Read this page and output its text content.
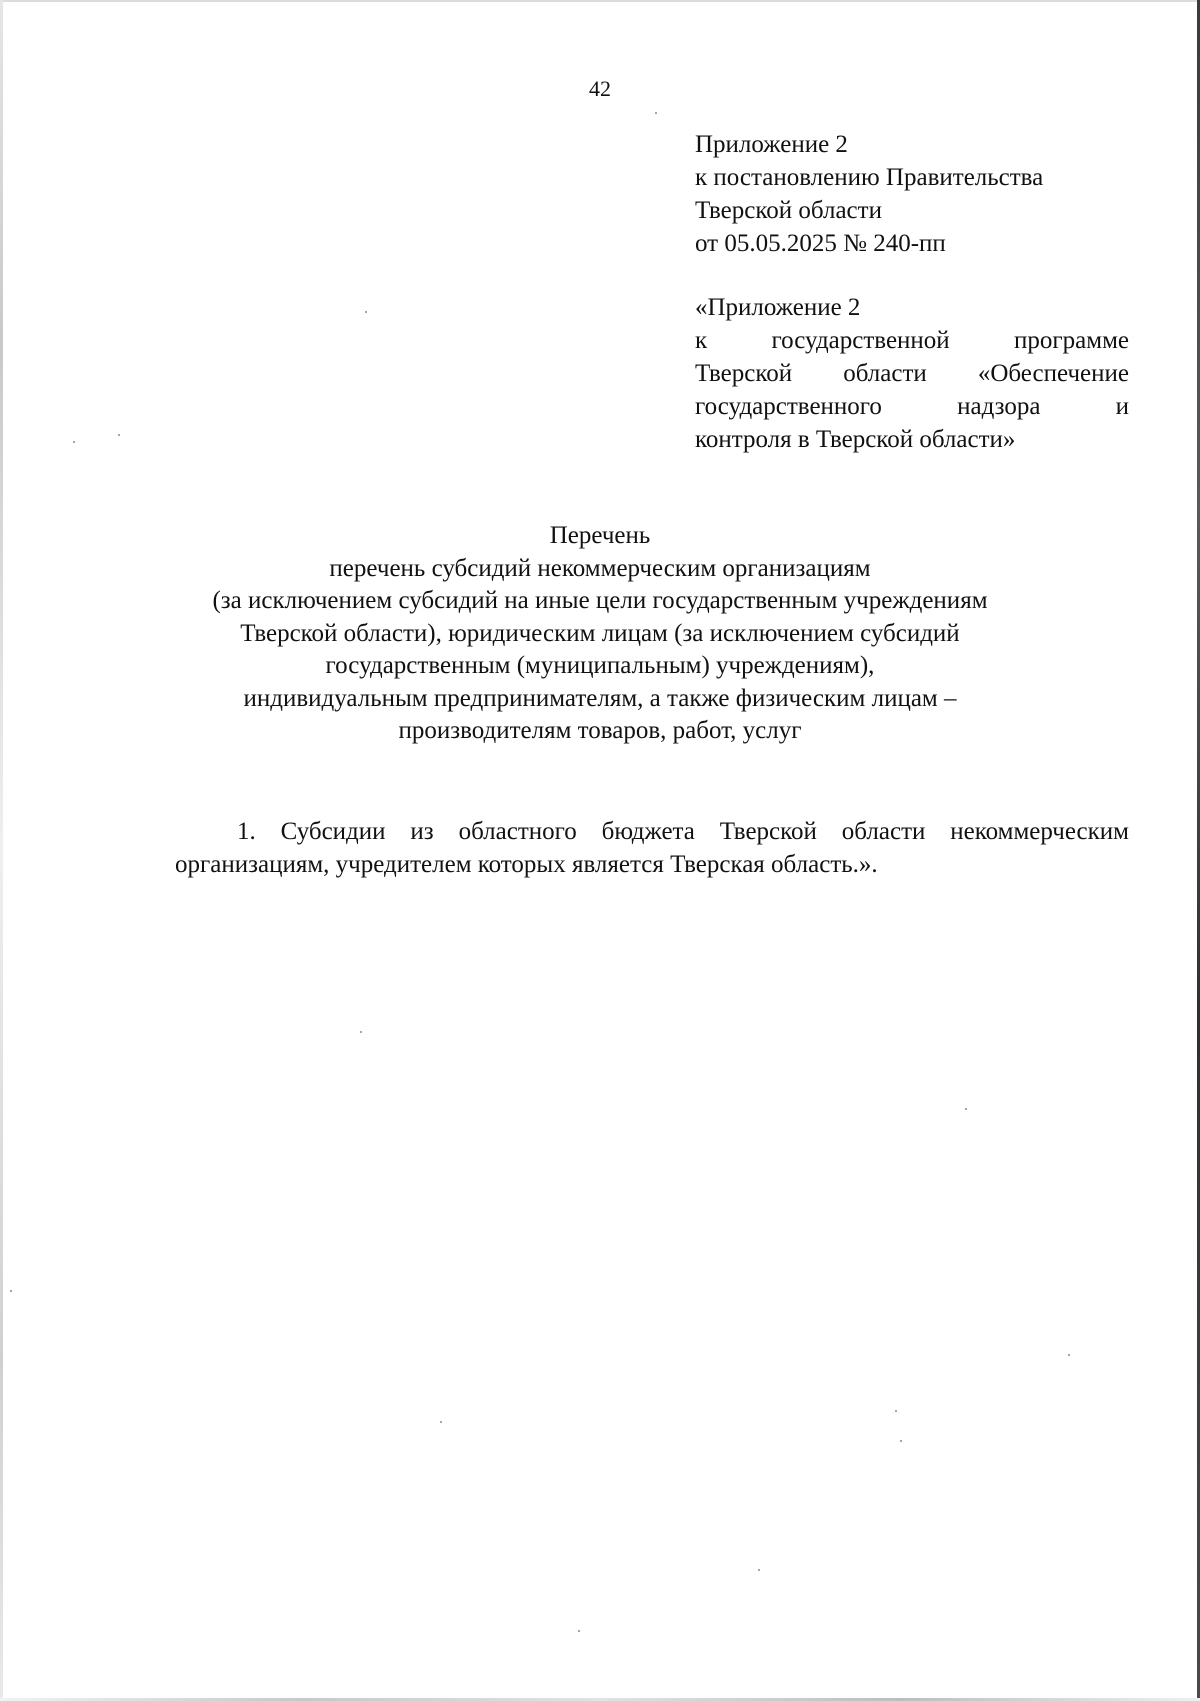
42
Приложение 2
к постановлению Правительства
Тверской области
от 05.05.2025 № 240-пп
«Приложение 2
к государственной программе
Тверской области «Обеспечение
государственного надзора и
контроля в Тверской области»
Перечень
перечень субсидий некоммерческим организациям
(за исключением субсидий на иные цели государственным учреждениям
Тверской области), юридическим лицам (за исключением субсидий
государственным (муниципальным) учреждениям),
индивидуальным предпринимателям, а также физическим лицам –
производителям товаров, работ, услуг
1. Субсидии из областного бюджета Тверской области некоммерческим
организациям, учредителем которых является Тверская область.».
